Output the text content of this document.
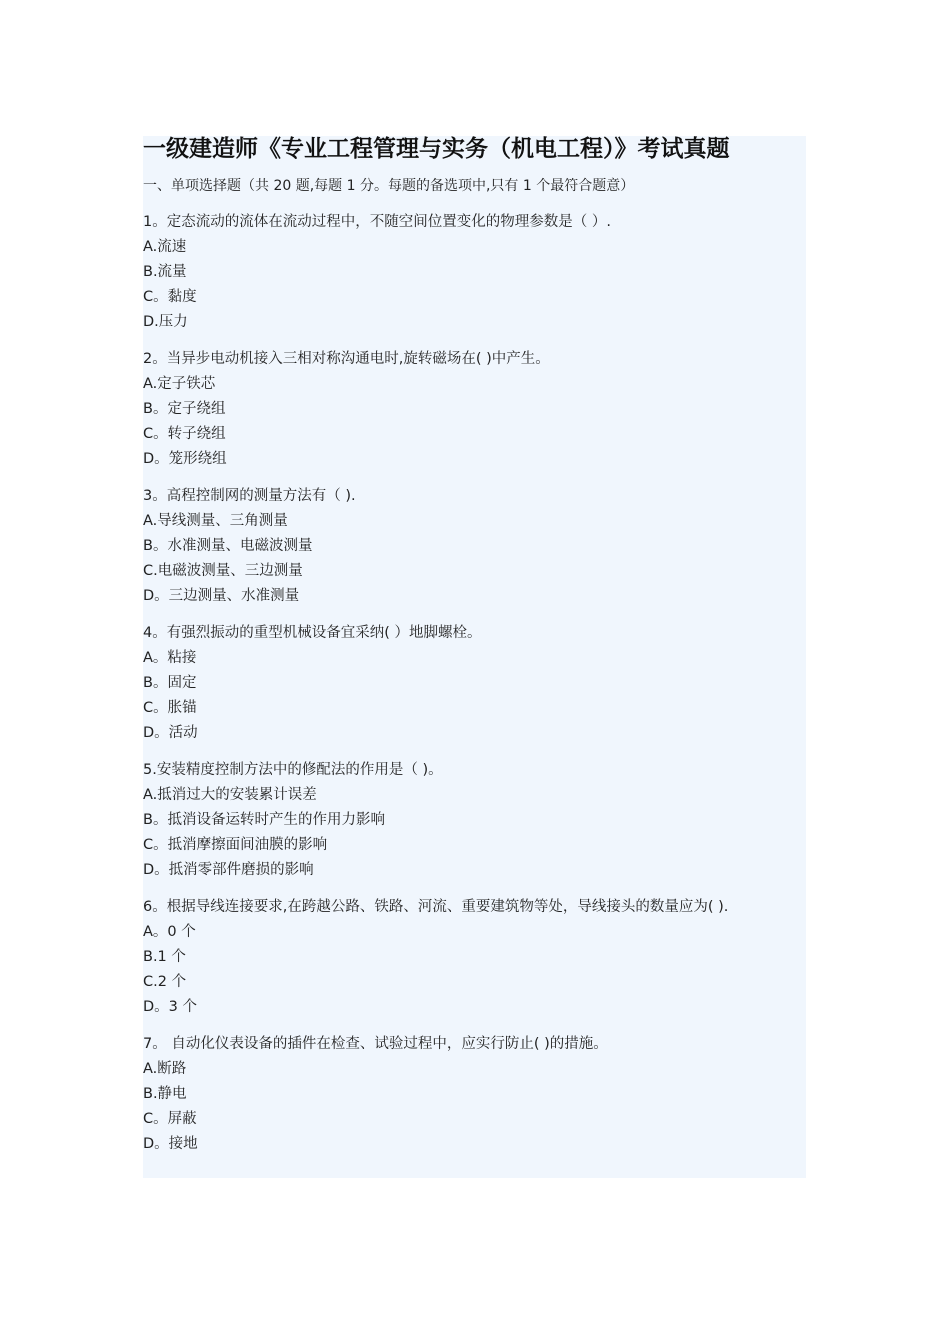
一级建造师《专业工程管理与实务（机电工程）》考试真题
一、单项选择题（共 20 题,每题 1 分。每题的备选项中,只有 1 个最符合题意）

1。定态流动的流体在流动过程中，不随空间位置变化的物理参数是（ ）.

A.流速

B.流量

C。黏度

D.压力

2。当异步电动机接入三相对称沟通电时,旋转磁场在( )中产生。

A.定子铁芯

B。定子绕组

C。转子绕组

D。笼形绕组

3。高程控制网的测量方法有（ ).

A.导线测量、三角测量

B。水准测量、电磁波测量

C.电磁波测量、三边测量

D。三边测量、水准测量

4。有强烈振动的重型机械设备宜采纳( ）地脚螺栓。

A。粘接

B。固定

C。胀锚

D。活动

5.安装精度控制方法中的修配法的作用是（ )。

A.抵消过大的安装累计误差

B。抵消设备运转时产生的作用力影响

C。抵消摩擦面间油膜的影响

D。抵消零部件磨损的影响

6。根据导线连接要求,在跨越公路、铁路、河流、重要建筑物等处，导线接头的数量应为( ).

A。0 个

B.1 个

C.2 个

D。3 个

7。 自动化仪表设备的插件在检查、试验过程中，应实行防止( )的措施。

A.断路

B.静电

C。屏蔽

D。接地
